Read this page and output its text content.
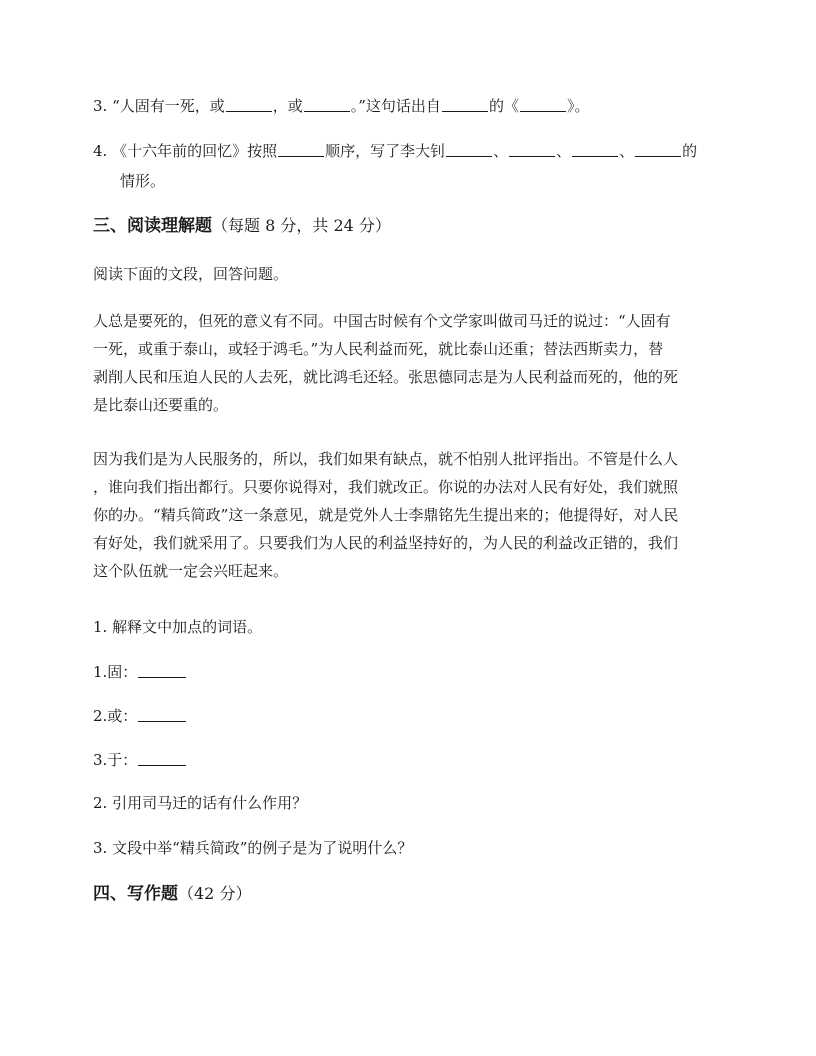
3. “人固有一死，或	，或	。”这句话出自	的《	》。
4. 《十六年前的回忆》按照	顺序，写了李大钊	、	、	、	的
情形。
三、阅读理解题（每题 8 分，共 24 分）
阅读下面的文段，回答问题。
人总是要死的，但死的意义有不同。中国古时候有个文学家叫做司马迁的说过：“人固有
一死，或重于泰山，或轻于鸿毛。”为人民利益而死，就比泰山还重；替法西斯卖力，替
剥削人民和压迫人民的人去死，就比鸿毛还轻。张思德同志是为人民利益而死的，他的死
是比泰山还要重的。
因为我们是为人民服务的，所以，我们如果有缺点，就不怕别人批评指出。不管是什么人
，谁向我们指出都行。只要你说得对，我们就改正。你说的办法对人民有好处，我们就照
你的办。“精兵简政”这一条意见，就是党外人士李鼎铭先生提出来的；他提得好，对人民
有好处，我们就采用了。只要我们为人民的利益坚持好的，为人民的利益改正错的，我们
这个队伍就一定会兴旺起来。
1. 解释文中加点的词语。
1.固：
2.或：
3.于：
2. 引用司马迁的话有什么作用？
3. 文段中举“精兵简政”的例子是为了说明什么？
四、写作题（42 分）
